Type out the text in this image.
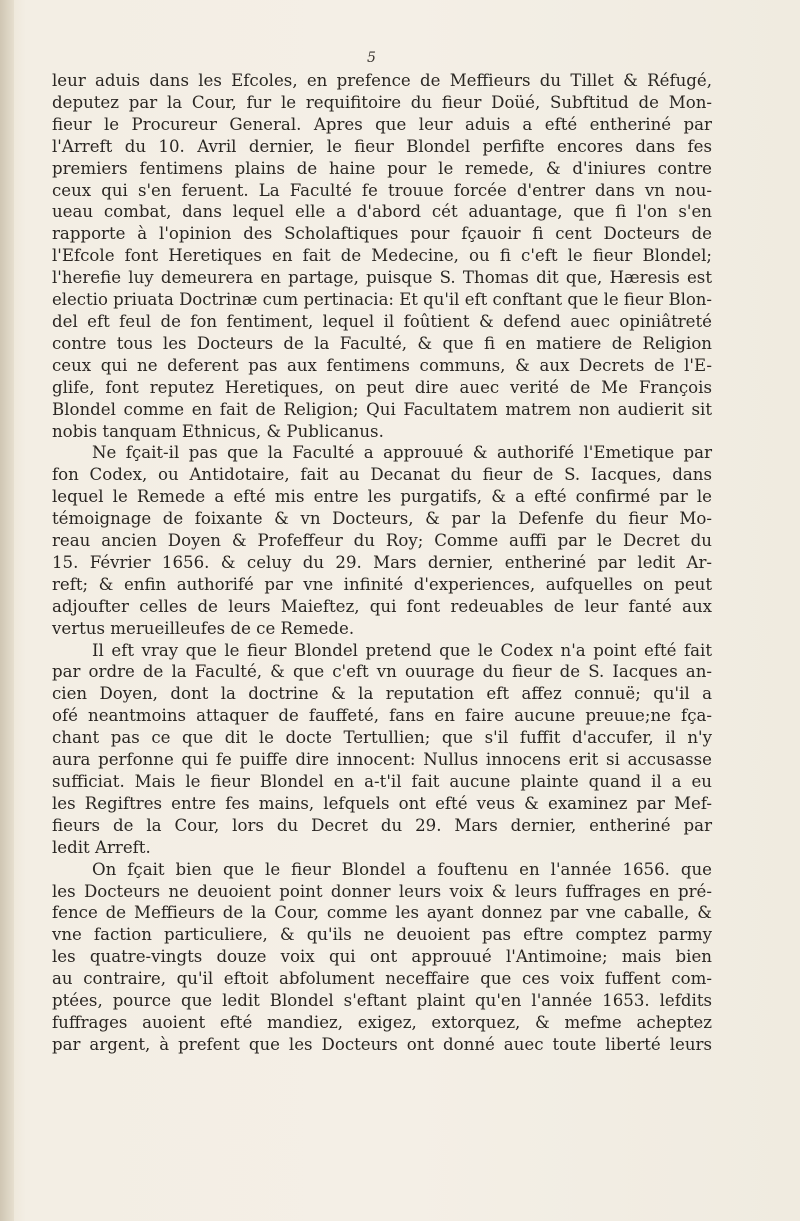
5
leur aduis dans les Efcoles, en prefence de Meffieurs du Tillet & Réfugé,
deputez par la Cour, fur le requifitoire du fieur Doüé, Subftitud de Mon-
fieur le Procureur General. Apres que leur aduis a efté entheriné par
l'Arreft du 10. Avril dernier, le fieur Blondel perfifte encores dans fes
premiers fentimens plains de haine pour le remede, & d'iniures contre
ceux qui s'en feruent. La Faculté fe trouue forcée d'entrer dans vn nou-
ueau combat, dans lequel elle a d'abord cét aduantage, que fi l'on s'en
rapporte à l'opinion des Scholaftiques pour fçauoir fi cent Docteurs de
l'Efcole font Heretiques en fait de Medecine, ou fi c'eft le fieur Blondel;
l'herefie luy demeurera en partage, puisque S. Thomas dit que, Hæresis est
electio priuata Doctrinæ cum pertinacia: Et qu'il eft conftant que le fieur Blon-
del eft feul de fon fentiment, lequel il foûtient & defend auec opiniâtreté
contre tous les Docteurs de la Faculté, & que fi en matiere de Religion
ceux qui ne deferent pas aux fentimens communs, & aux Decrets de l'E-
glife, font reputez Heretiques, on peut dire auec verité de Me François
Blondel comme en fait de Religion; Qui Facultatem matrem non audierit sit
nobis tanquam Ethnicus, & Publicanus.
Ne fçait-il pas que la Faculté a approuué & authorifé l'Emetique par
fon Codex, ou Antidotaire, fait au Decanat du fieur de S. Iacques, dans
lequel le Remede a efté mis entre les purgatifs, & a efté confirmé par le
témoignage de foixante & vn Docteurs, & par la Defenfe du fieur Mo-
reau ancien Doyen & Profeffeur du Roy; Comme auffi par le Decret du
15. Février 1656. & celuy du 29. Mars dernier, entheriné par ledit Ar-
reft; & enfin authorifé par vne infinité d'experiences, aufquelles on peut
adjoufter celles de leurs Maieftez, qui font redeuables de leur fanté aux
vertus merueilleufes de ce Remede.
Il eft vray que le fieur Blondel pretend que le Codex n'a point efté fait
par ordre de la Faculté, & que c'eft vn ouurage du fieur de S. Iacques an-
cien Doyen, dont la doctrine & la reputation eft affez connuë; qu'il a
ofé neantmoins attaquer de fauffeté, fans en faire aucune preuue;ne fça-
chant pas ce que dit le docte Tertullien; que s'il fuffit d'accufer, il n'y
aura perfonne qui fe puiffe dire innocent: Nullus innocens erit si accusasse
sufficiat. Mais le fieur Blondel en a-t'il fait aucune plainte quand il a eu
les Regiftres entre fes mains, lefquels ont efté veus & examinez par Mef-
fieurs de la Cour, lors du Decret du 29. Mars dernier, entheriné par
ledit Arreft.
On fçait bien que le fieur Blondel a fouftenu en l'année 1656. que
les Docteurs ne deuoient point donner leurs voix & leurs fuffrages en pré-
fence de Meffieurs de la Cour, comme les ayant donnez par vne caballe, &
vne faction particuliere, & qu'ils ne deuoient pas eftre comptez parmy
les quatre-vingts douze voix qui ont approuué l'Antimoine; mais bien
au contraire, qu'il eftoit abfolument neceffaire que ces voix fuffent com-
ptées, pource que ledit Blondel s'eftant plaint qu'en l'année 1653. lefdits
fuffrages auoient efté mandiez, exigez, extorquez, & mefme acheptez
par argent, à prefent que les Docteurs ont donné auec toute liberté leurs
